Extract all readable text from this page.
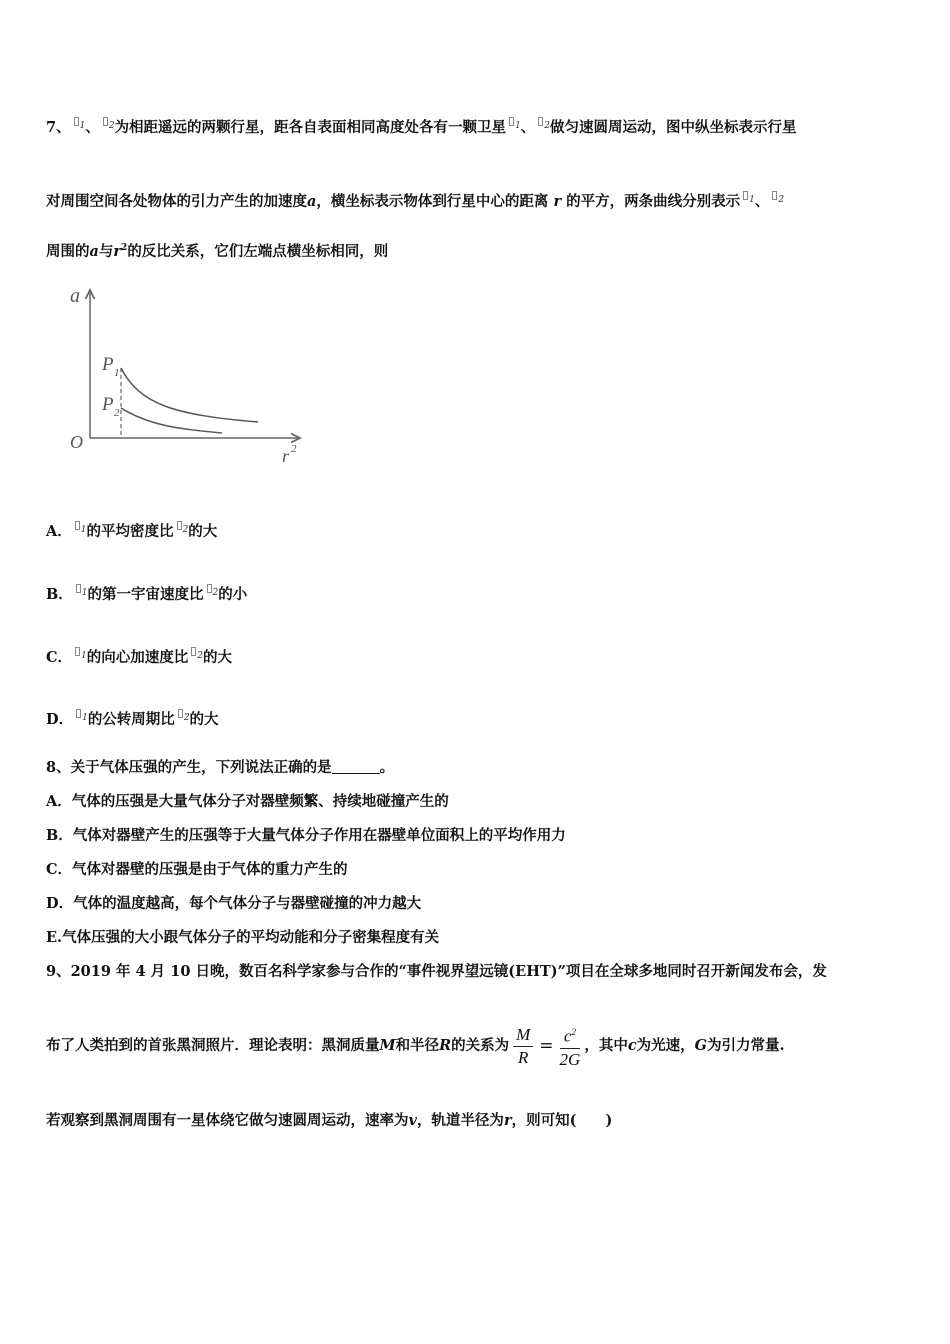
7、 $^1$、 $^2$为相距遥远的两颗行星，距各自表面相同高度处各有一颗卫星 $^1$、 $^2$做匀速圆周运动，图中纵坐标表示行星
对周围空间各处物体的引力产生的加速度a，横坐标表示物体到行星中心的距离 r 的平方，两条曲线分别表示 $^1$、 $^2$
周围的a与$r^2$的反比关系，它们左端点横坐标相同，则
a
r 2
O
P 1
P 2
A． $^1$的平均密度比 $^2$的大
B． $^1$的第一宇宙速度比 $^2$的小
C． $^1$的向心加速度比 $^2$的大
D． $^1$的公转周期比 $^2$的大
8、关于气体压强的产生，下列说法正确的是	。
A．气体的压强是大量气体分子对器壁频繁、持续地碰撞产生的
B．气体对器壁产生的压强等于大量气体分子作用在器壁单位面积上的平均作用力
C．气体对器壁的压强是由于气体的重力产生的
D．气体的温度越高，每个气体分子与器壁碰撞的冲力越大
E.气体压强的大小跟气体分子的平均动能和分子密集程度有关
9、2019 年 4 月 10 日晚，数百名科学家参与合作的“事件视界望远镜(EHT)”项目在全球多地同时召开新闻发布会，发
布了人类拍到的首张黑洞照片．理论表明：黑洞质量M和半径R的关系为 $\frac{M}{R} = \frac{c^2}{2G}$ ，其中c为光速，G为引力常量.
若观察到黑洞周围有一星体绕它做匀速圆周运动，速率为v，轨道半径为r，则可知(　　)
